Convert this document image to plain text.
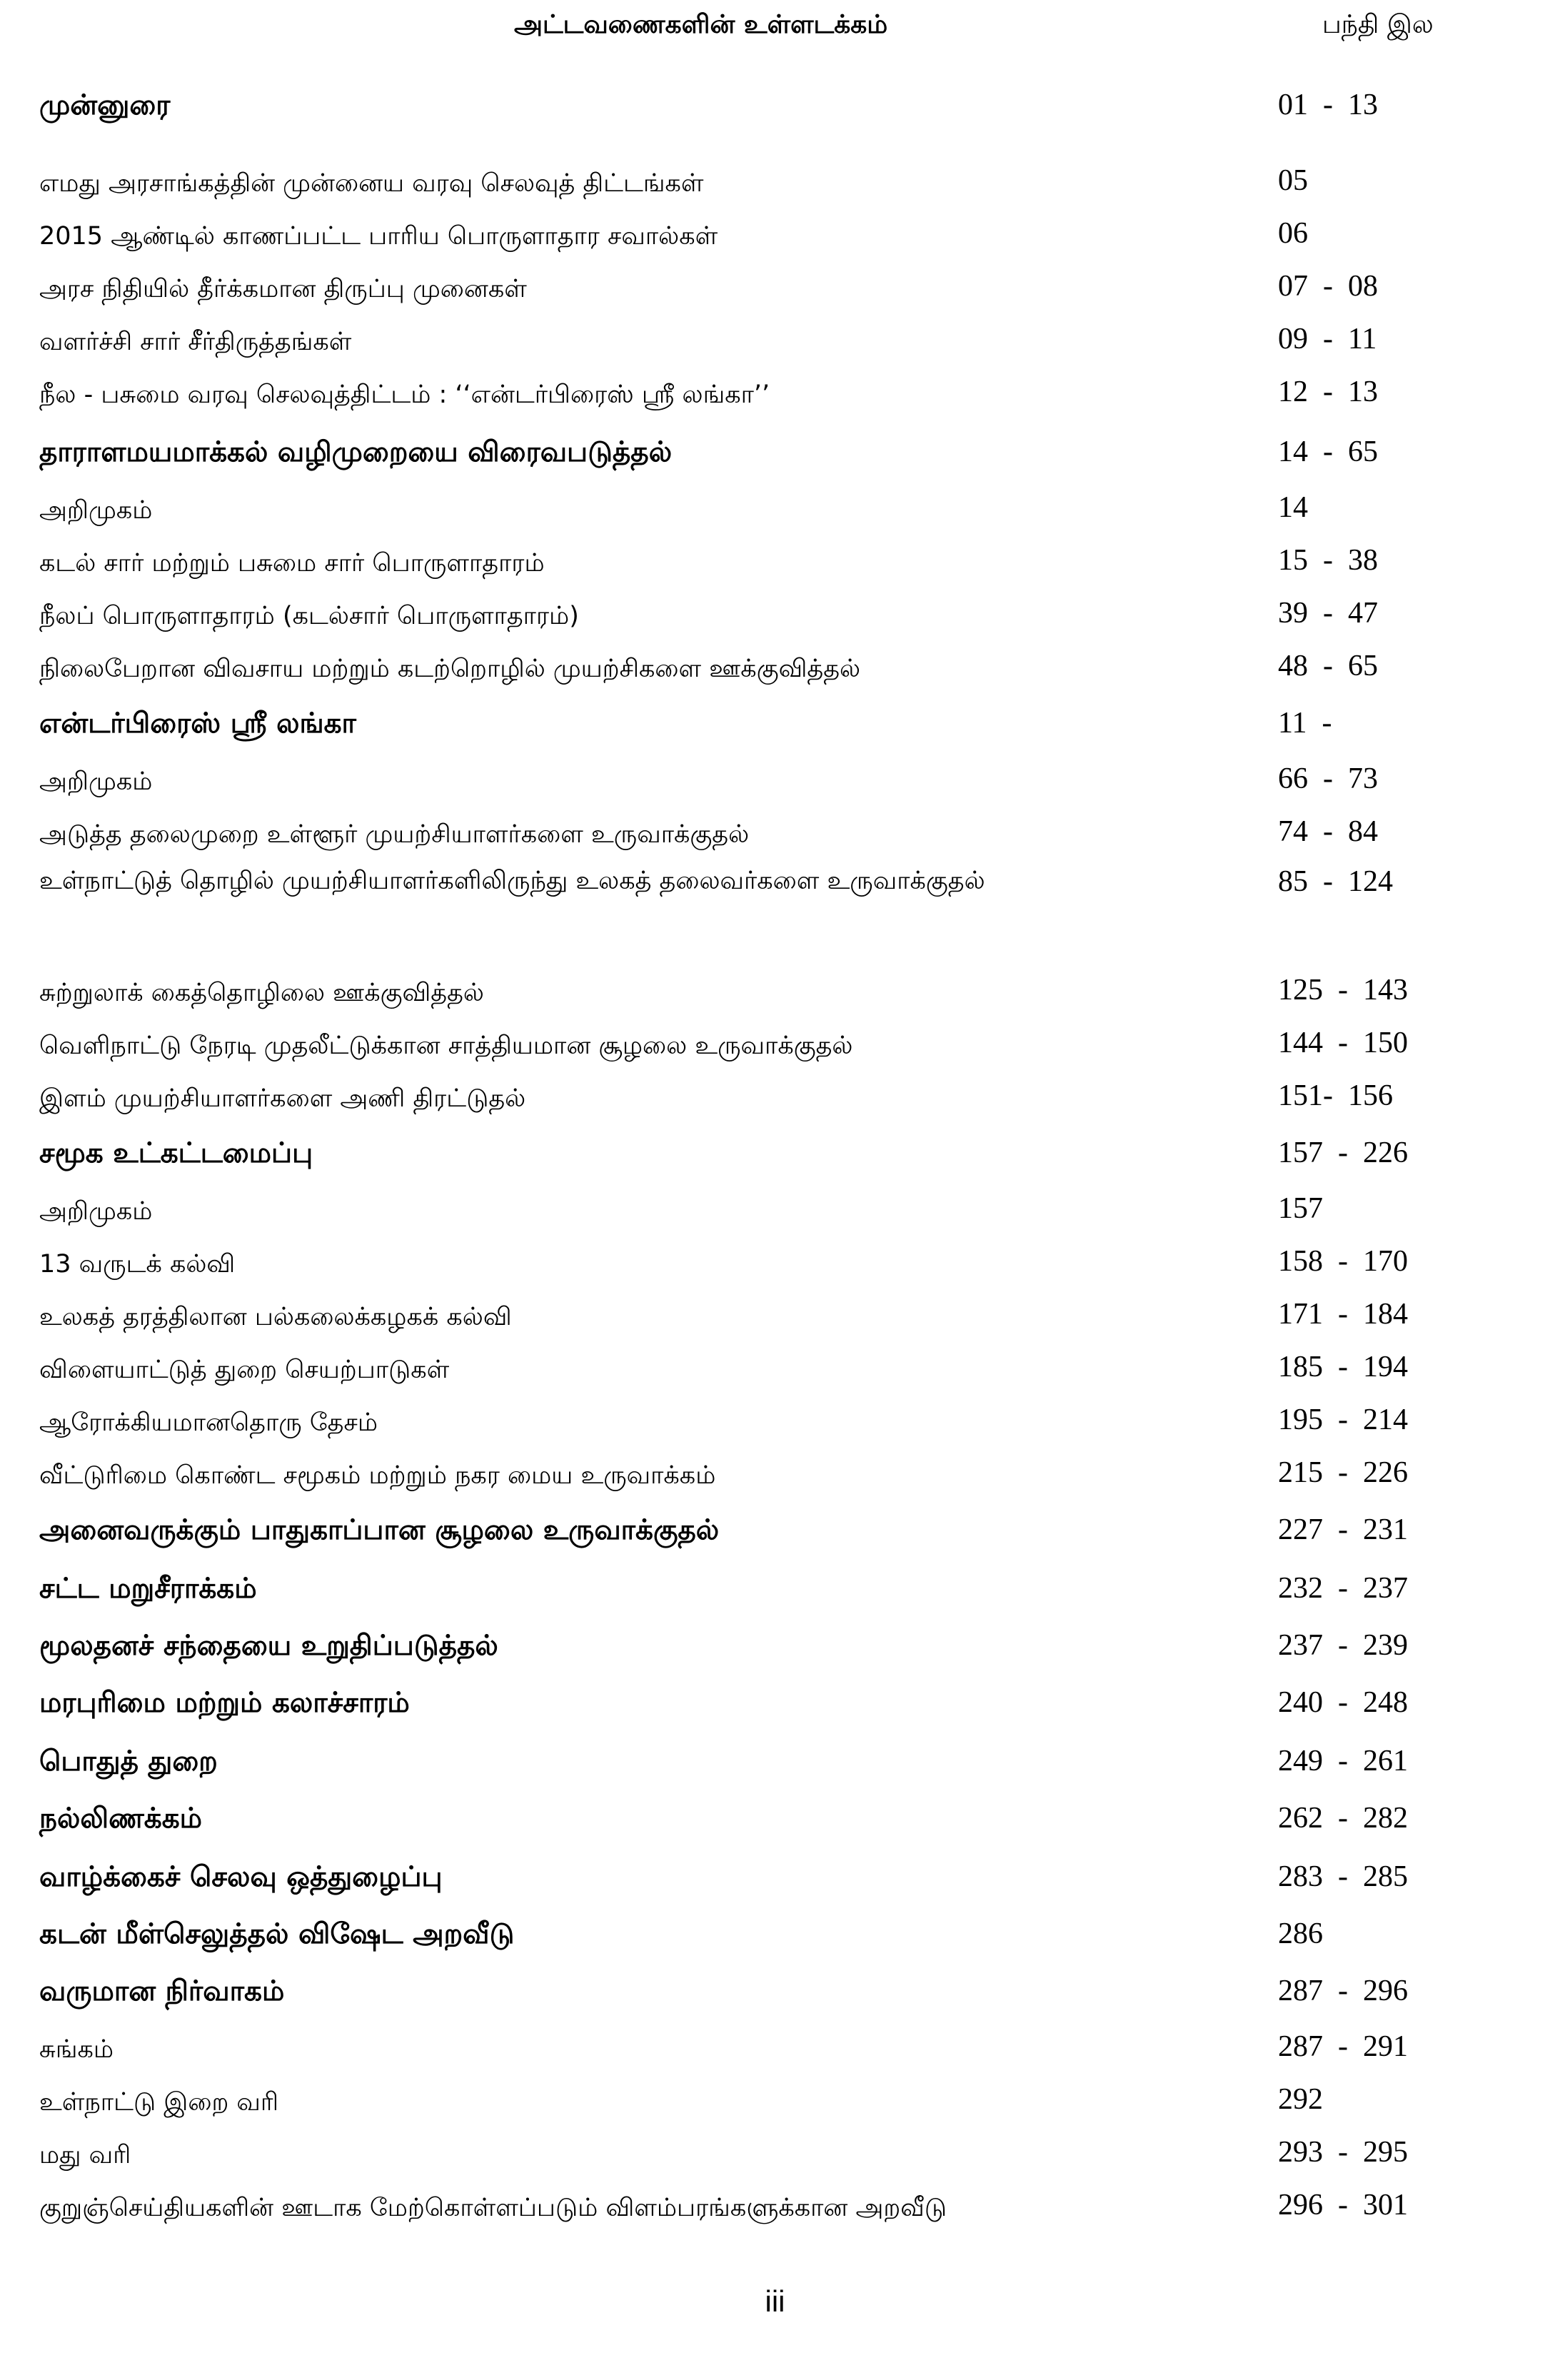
அட்டவணைகளின் உள்ளடக்கம்	பந்தி இல
முன்னுரை	01  -  13
எமது அரசாங்கத்தின் முன்னைய வரவு செலவுத் திட்டங்கள்	05
2015 ஆண்டில் காணப்பட்ட பாரிய பொருளாதார சவால்கள்	06
அரச நிதியில் தீர்க்கமான திருப்பு முனைகள்	07  -  08
வளர்ச்சி சார் சீர்திருத்தங்கள்	09  -  11
நீல - பசுமை வரவு செலவுத்திட்டம் : ‘‘என்டர்பிரைஸ் ஸ்ரீ லங்கா’’	12  -  13
தாராளமயமாக்கல் வழிமுறையை விரைவபடுத்தல்	14  -  65
அறிமுகம்	14
கடல் சார் மற்றும் பசுமை சார் பொருளாதாரம்	15  -  38
நீலப் பொருளாதாரம் (கடல்சார் பொருளாதாரம்)	39  -  47
நிலைபேறான விவசாய மற்றும் கடற்றொழில் முயற்சிகளை ஊக்குவித்தல்	48  -  65
என்டர்பிரைஸ் ஸ்ரீ லங்கா	11  -
அறிமுகம்	66  -  73
அடுத்த தலைமுறை உள்ளூர் முயற்சியாளர்களை உருவாக்குதல்	74  -  84
உள்நாட்டுத் தொழில் முயற்சியாளர்களிலிருந்து உலகத் தலைவர்களை உருவாக்குதல்	85  -  124
சுற்றுலாக் கைத்தொழிலை ஊக்குவித்தல்	125  -  143
வெளிநாட்டு நேரடி முதலீட்டுக்கான சாத்தியமான சூழலை உருவாக்குதல்	144  -  150
இளம் முயற்சியாளர்களை அணி திரட்டுதல்	151-  156
சமூக உட்கட்டமைப்பு	157  -  226
அறிமுகம்	157
13 வருடக் கல்வி	158  -  170
உலகத் தரத்திலான பல்கலைக்கழகக் கல்வி	171  -  184
விளையாட்டுத் துறை செயற்பாடுகள்	185  -  194
ஆரோக்கியமானதொரு தேசம்	195  -  214
வீட்டுரிமை கொண்ட சமூகம் மற்றும் நகர மைய உருவாக்கம்	215  -  226
அனைவருக்கும் பாதுகாப்பான சூழலை உருவாக்குதல்	227  -  231
சட்ட மறுசீராக்கம்	232  -  237
மூலதனச் சந்தையை உறுதிப்படுத்தல்	237  -  239
மரபுரிமை மற்றும் கலாச்சாரம்	240  -  248
பொதுத் துறை	249  -  261
நல்லிணக்கம்	262  -  282
வாழ்க்கைச் செலவு ஒத்துழைப்பு	283  -  285
கடன் மீள்செலுத்தல் விஷேட அறவீடு	286
வருமான நிர்வாகம்	287  -  296
சுங்கம்	287  -  291
உள்நாட்டு இறை வரி	292
மது வரி	293  -  295
குறுஞ்செய்தியகளின் ஊடாக மேற்கொள்ளப்படும் விளம்பரங்களுக்கான அறவீடு	296  -  301
iii
